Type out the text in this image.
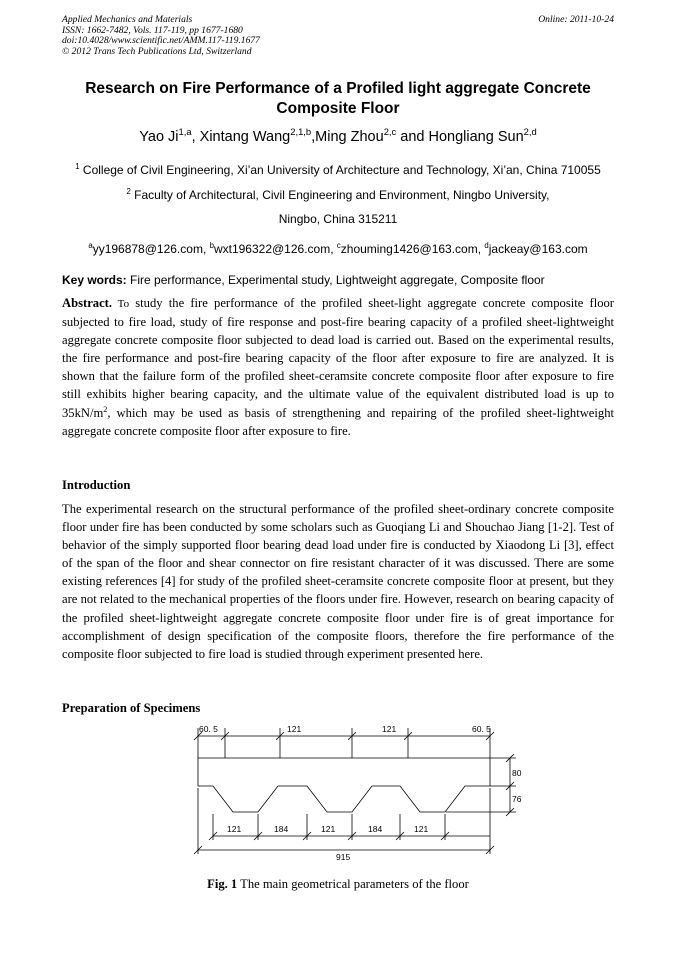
Applied Mechanics and Materials
ISSN: 1662-7482, Vols. 117-119, pp 1677-1680
doi:10.4028/www.scientific.net/AMM.117-119.1677
© 2012 Trans Tech Publications Ltd, Switzerland
Online: 2011-10-24
Research on Fire Performance of a Profiled light aggregate Concrete Composite Floor
Yao Ji$^{1,a}$, Xintang Wang$^{2,1,b}$,Ming Zhou$^{2,c}$ and Hongliang Sun$^{2,d}$
$^1$ College of Civil Engineering, Xi’an University of Architecture and Technology, Xi’an, China 710055
$^2$ Faculty of Architectural, Civil Engineering and Environment, Ningbo University,
Ningbo, China 315211
$^a$yy196878@126.com, $^b$wxt196322@126.com, $^c$zhouming1426@163.com, $^d$jackeay@163.com
Key words: Fire performance, Experimental study, Lightweight aggregate, Composite floor
Abstract. To study the fire performance of the profiled sheet-light aggregate concrete composite floor subjected to fire load, study of fire response and post-fire bearing capacity of a profiled sheet-lightweight aggregate concrete composite floor subjected to dead load is carried out. Based on the experimental results, the fire performance and post-fire bearing capacity of the floor after exposure to fire are analyzed. It is shown that the failure form of the profiled sheet-ceramsite concrete composite floor after exposure to fire still exhibits higher bearing capacity, and the ultimate value of the equivalent distributed load is up to $35kN/m^2$, which may be used as basis of strengthening and repairing of the profiled sheet-lightweight aggregate concrete composite floor after exposure to fire.
Introduction
The experimental research on the structural performance of the profiled sheet-ordinary concrete composite floor under fire has been conducted by some scholars such as Guoqiang Li and Shouchao Jiang [1-2]. Test of behavior of the simply supported floor bearing dead load under fire is conducted by Xiaodong Li [3], effect of the span of the floor and shear connector on fire resistant character of it was discussed. There are some existing references [4] for study of the profiled sheet-ceramsite concrete composite floor at present, but they are not related to the mechanical properties of the floors under fire. However, research on bearing capacity of the profiled sheet-lightweight aggregate concrete composite floor under fire is of great importance for accomplishment of design specification of the composite floors, therefore the fire performance of the composite floor subjected to fire load is studied through experiment presented here.
Preparation of Specimens
60. 5	121	121	60. 5
80
76
121	184	121	184	121
915
Fig. 1 The main geometrical parameters of the floor
